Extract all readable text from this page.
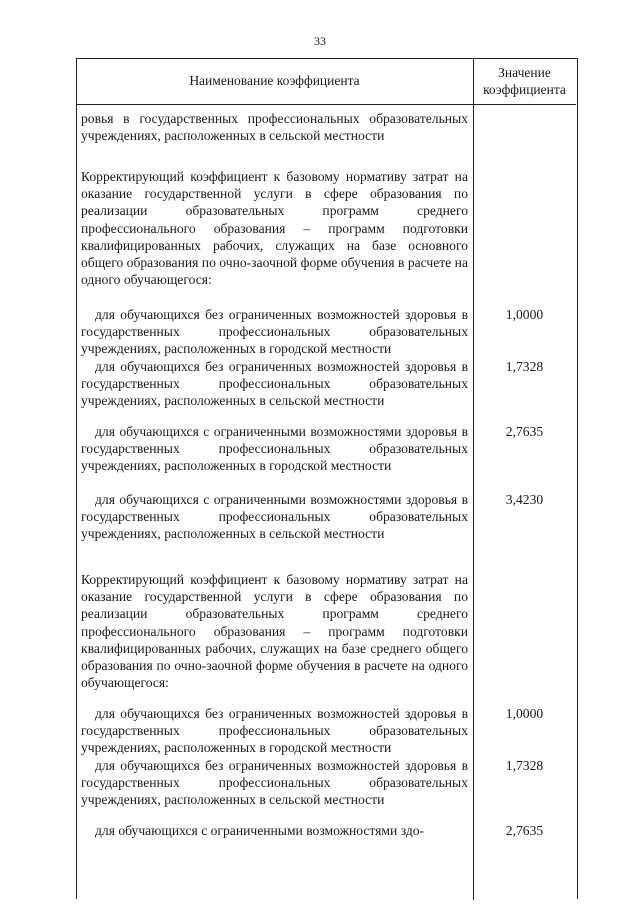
33
Наименование коэффициента
Значение коэффициента
ровья в государственных профессиональных образовательных учреждениях, расположенных в сельской местности
Корректирующий коэффициент к базовому нормативу затрат на оказание государственной услуги в сфере образования по реализации образовательных программ среднего профессионального образования – программ подготовки квалифицированных рабочих, служащих на базе основного общего образования по очно-заочной форме обучения в расчете на одного обучающегося:
для обучающихся без ограниченных возможностей здоровья в государственных профессиональных образовательных учреждениях, расположенных в городской местности
1,0000
для обучающихся без ограниченных возможностей здоровья в государственных профессиональных образовательных учреждениях, расположенных в сельской местности
1,7328
для обучающихся с ограниченными возможностями здоровья в государственных профессиональных образовательных учреждениях, расположенных в городской местности
2,7635
для обучающихся с ограниченными возможностями здоровья в государственных профессиональных образовательных учреждениях, расположенных в сельской местности
3,4230
Корректирующий коэффициент к базовому нормативу затрат на оказание государственной услуги в сфере образования по реализации образовательных программ среднего профессионального образования – программ подготовки квалифицированных рабочих, служащих на базе среднего общего образования по очно-заочной форме обучения в расчете на одного обучающегося:
для обучающихся без ограниченных возможностей здоровья в государственных профессиональных образовательных учреждениях, расположенных в городской местности
1,0000
для обучающихся без ограниченных возможностей здоровья в государственных профессиональных образовательных учреждениях, расположенных в сельской местности
1,7328
для обучающихся с ограниченными возможностями здо-	2,7635
